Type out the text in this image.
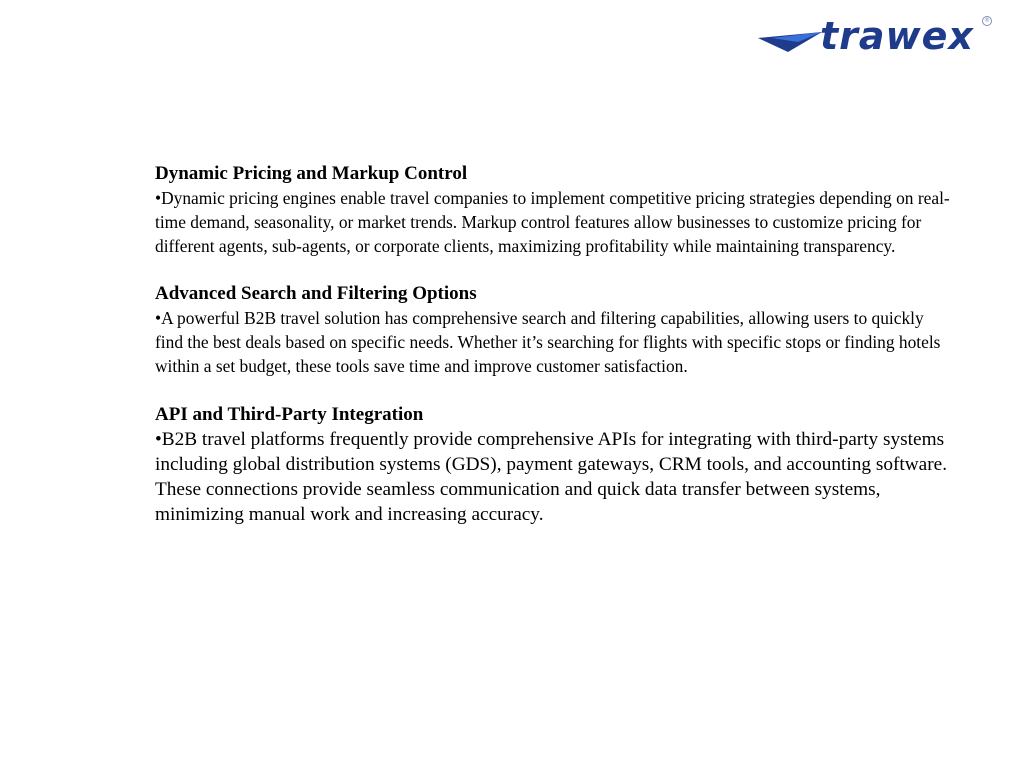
trawex	®
Dynamic Pricing and Markup Control

•Dynamic pricing engines enable travel companies to implement competitive pricing strategies depending on real-time demand, seasonality, or market trends. Markup control features allow businesses to customize pricing for different agents, sub-agents, or corporate clients, maximizing profitability while maintaining transparency.

Advanced Search and Filtering Options

•A powerful B2B travel solution has comprehensive search and filtering capabilities, allowing users to quickly find the best deals based on specific needs. Whether it’s searching for flights with specific stops or finding hotels within a set budget, these tools save time and improve customer satisfaction.

API and Third-Party Integration

•B2B travel platforms frequently provide comprehensive APIs for integrating with third-party systems including global distribution systems (GDS), payment gateways, CRM tools, and accounting software. These connections provide seamless communication and quick data transfer between systems, minimizing manual work and increasing accuracy.
